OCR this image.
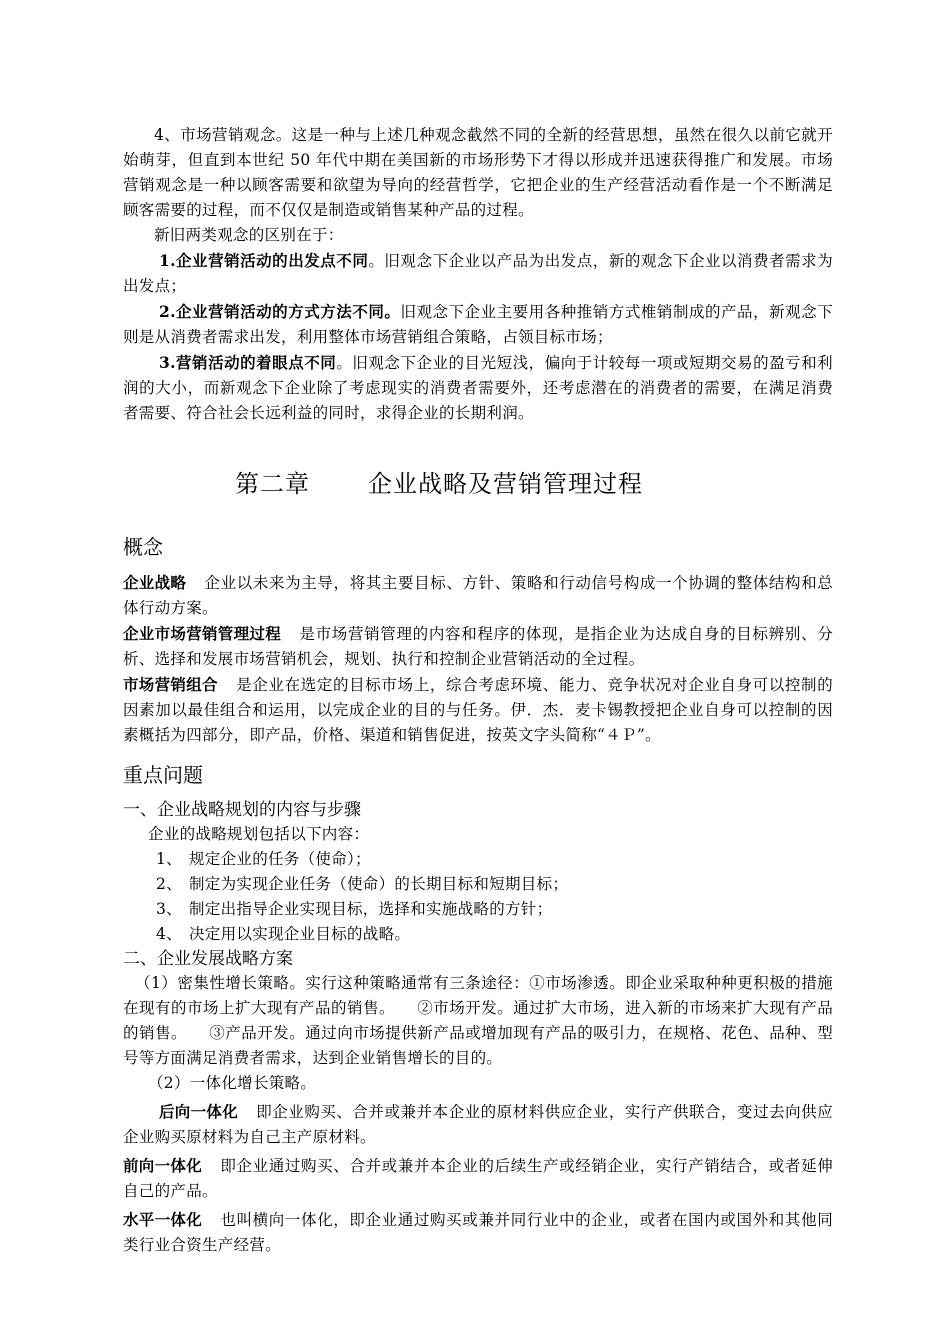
4、市场营销观念。这是一种与上述几种观念截然不同的全新的经营思想，虽然在很久以前它就开始萌芽，但直到本世纪 50 年代中期在美国新的市场形势下才得以形成并迅速获得推广和发展。市场营销观念是一种以顾客需要和欲望为导向的经营哲学，它把企业的生产经营活动看作是一个不断满足顾客需要的过程，而不仅仅是制造或销售某种产品的过程。

新旧两类观念的区别在于：

1.企业营销活动的出发点不同。旧观念下企业以产品为出发点，新的观念下企业以消费者需求为出发点；

2.企业营销活动的方式方法不同。旧观念下企业主要用各种推销方式椎销制成的产品，新观念下则是从消费者需求出发，利用整体市场营销组合策略，占领目标市场；

3.营销活动的着眼点不同。旧观念下企业的目光短浅，偏向于计较每一项或短期交易的盈亏和利润的大小，而新观念下企业除了考虑现实的消费者需要外，还考虑潜在的消费者的需要，在满足消费者需要、符合社会长远利益的同时，求得企业的长期利润。

第二章 企业战略及营销管理过程
概念

企业战略 企业以未来为主导，将其主要目标、方针、策略和行动信号构成一个协调的整体结构和总体行动方案。

企业市场营销管理过程 是市场营销管理的内容和程序的体现，是指企业为达成自身的目标辨别、分析、选择和发展市场营销机会，规划、执行和控制企业营销活动的全过程。

市场营销组合 是企业在选定的目标市场上，综合考虑环境、能力、竞争状况对企业自身可以控制的因素加以最佳组合和运用，以完成企业的目的与任务。伊．杰．麦卡锡教授把企业自身可以控制的因素概括为四部分，即产品，价格、渠道和销售促进，按英文字头简称“４Ｐ”。

重点问题
一、企业战略规划的内容与步骤

企业的战略规划包括以下内容：

1、 规定企业的任务（使命）；

2、 制定为实现企业任务（使命）的长期目标和短期目标；

3、 制定出指导企业实现目标，选择和实施战略的方针；

4、 决定用以实现企业目标的战略。

二、企业发展战略方案

（1）密集性增长策略。实行这种策略通常有三条途径：①市场渗透。即企业采取种种更积极的措施在现有的市场上扩大现有产品的销售。 ②市场开发。通过扩大市场，进入新的市场来扩大现有产品的销售。 ③产品开发。通过向市场提供新产品或增加现有产品的吸引力，在规格、花色、品种、型号等方面满足消费者需求，达到企业销售增长的目的。

（2）一体化增长策略。

后向一体化 即企业购买、合并或兼并本企业的原材料供应企业，实行产供联合，变过去向供应企业购买原材料为自己主产原材料。

前向一体化 即企业通过购买、合并或兼并本企业的后续生产或经销企业，实行产销结合，或者延伸自己的产品。

水平一体化 也叫横向一体化，即企业通过购买或兼并同行业中的企业，或者在国内或国外和其他同类行业合资生产经营。
